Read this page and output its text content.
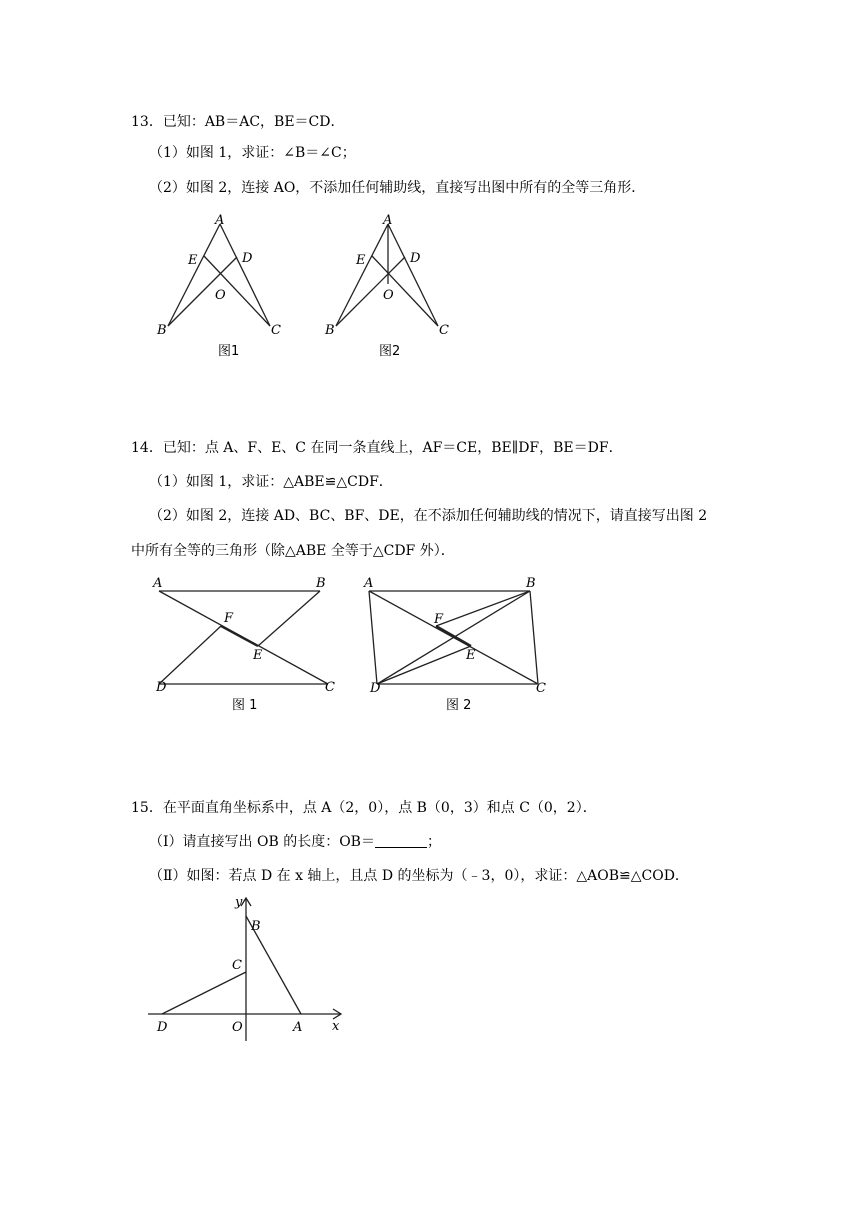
13．已知：AB＝AC，BE＝CD．
（1）如图 1，求证：∠B＝∠C；
（2）如图 2，连接 AO，不添加任何辅助线，直接写出图中所有的全等三角形．
A
E	D
O
B	C
图1
A
E	D
O
B	C
图2
14．已知：点 A、F、E、C 在同一条直线上，AF＝CE，BE∥DF，BE＝DF．
（1）如图 1，求证：△ABE≌△CDF．
（2）如图 2，连接 AD、BC、BF、DE，在不添加任何辅助线的情况下，请直接写出图 2
中所有全等的三角形（除△ABE 全等于△CDF 外）．
A	B
F
E
D	C
图 1
A	B
F
E
D	C
图 2
15．在平面直角坐标系中，点 A（2，0），点 B（0，3）和点 C（0，2）．
（Ⅰ）请直接写出 OB 的长度：OB＝	；
（Ⅱ）如图：若点 D 在 x 轴上，且点 D 的坐标为（﹣3，0），求证：△AOB≌△COD．
y
B
C
D	O	A x
